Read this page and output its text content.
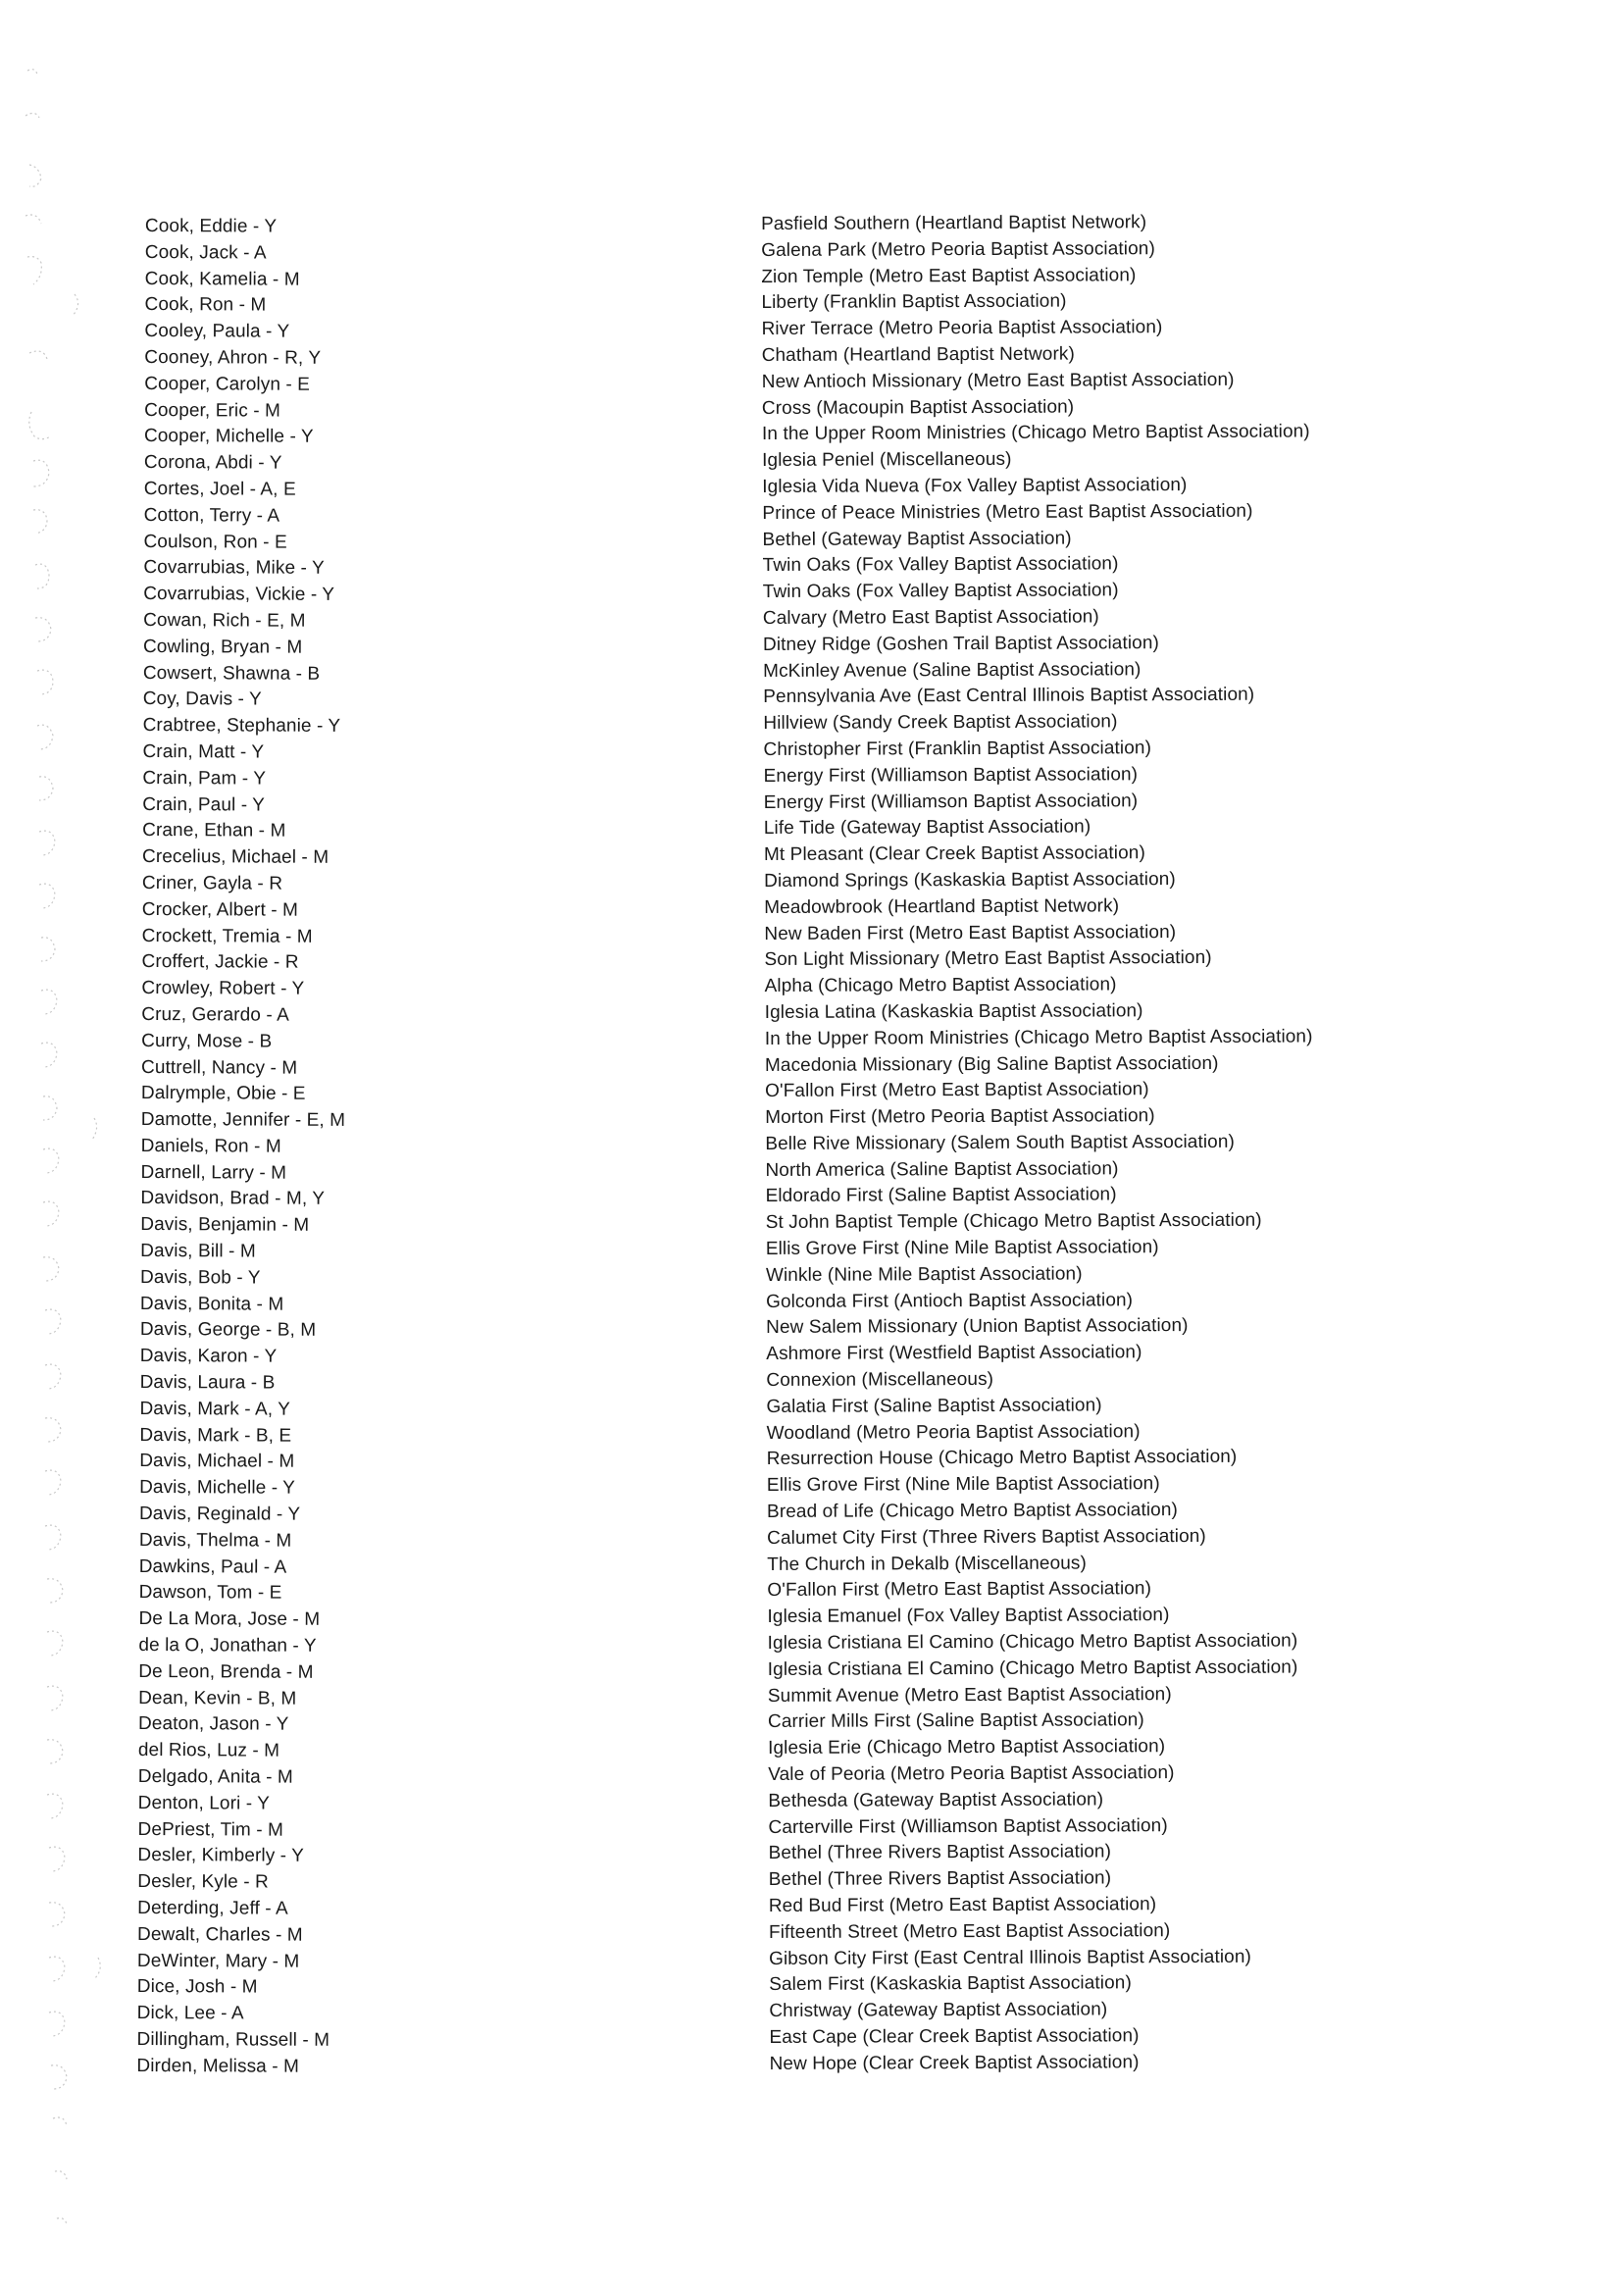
Cook, Eddie - Y
Cook, Jack - A
Cook, Kamelia - M
Cook, Ron - M
Cooley, Paula - Y
Cooney, Ahron - R, Y
Cooper, Carolyn - E
Cooper, Eric - M
Cooper, Michelle - Y
Corona, Abdi - Y
Cortes, Joel - A, E
Cotton, Terry - A
Coulson, Ron - E
Covarrubias, Mike - Y
Covarrubias, Vickie - Y
Cowan, Rich - E, M
Cowling, Bryan - M
Cowsert, Shawna - B
Coy, Davis - Y
Crabtree, Stephanie - Y
Crain, Matt - Y
Crain, Pam - Y
Crain, Paul - Y
Crane, Ethan - M
Crecelius, Michael - M
Criner, Gayla - R
Crocker, Albert - M
Crockett, Tremia - M
Croffert, Jackie - R
Crowley, Robert - Y
Cruz, Gerardo - A
Curry, Mose - B
Cuttrell, Nancy - M
Dalrymple, Obie - E
Damotte, Jennifer - E, M
Daniels, Ron - M
Darnell, Larry - M
Davidson, Brad - M, Y
Davis, Benjamin - M
Davis, Bill - M
Davis, Bob - Y
Davis, Bonita - M
Davis, George - B, M
Davis, Karon - Y
Davis, Laura - B
Davis, Mark - A, Y
Davis, Mark - B, E
Davis, Michael - M
Davis, Michelle - Y
Davis, Reginald - Y
Davis, Thelma - M
Dawkins, Paul - A
Dawson, Tom - E
De La Mora, Jose - M
de la O, Jonathan - Y
De Leon, Brenda - M
Dean, Kevin - B, M
Deaton, Jason - Y
del Rios, Luz - M
Delgado, Anita - M
Denton, Lori - Y
DePriest, Tim - M
Desler, Kimberly - Y
Desler, Kyle - R
Deterding, Jeff - A
Dewalt, Charles - M
DeWinter, Mary - M
Dice, Josh - M
Dick, Lee - A
Dillingham, Russell - M
Dirden, Melissa - M
Pasfield Southern (Heartland Baptist Network)
Galena Park (Metro Peoria Baptist Association)
Zion Temple (Metro East Baptist Association)
Liberty (Franklin Baptist Association)
River Terrace (Metro Peoria Baptist Association)
Chatham (Heartland Baptist Network)
New Antioch Missionary (Metro East Baptist Association)
Cross (Macoupin Baptist Association)
In the Upper Room Ministries (Chicago Metro Baptist Association)
Iglesia Peniel (Miscellaneous)
Iglesia Vida Nueva (Fox Valley Baptist Association)
Prince of Peace Ministries (Metro East Baptist Association)
Bethel (Gateway Baptist Association)
Twin Oaks (Fox Valley Baptist Association)
Twin Oaks (Fox Valley Baptist Association)
Calvary (Metro East Baptist Association)
Ditney Ridge (Goshen Trail Baptist Association)
McKinley Avenue (Saline Baptist Association)
Pennsylvania Ave (East Central Illinois Baptist Association)
Hillview (Sandy Creek Baptist Association)
Christopher First (Franklin Baptist Association)
Energy First (Williamson Baptist Association)
Energy First (Williamson Baptist Association)
Life Tide (Gateway Baptist Association)
Mt Pleasant (Clear Creek Baptist Association)
Diamond Springs (Kaskaskia Baptist Association)
Meadowbrook (Heartland Baptist Network)
New Baden First (Metro East Baptist Association)
Son Light Missionary (Metro East Baptist Association)
Alpha (Chicago Metro Baptist Association)
Iglesia Latina (Kaskaskia Baptist Association)
In the Upper Room Ministries (Chicago Metro Baptist Association)
Macedonia Missionary (Big Saline Baptist Association)
O'Fallon First (Metro East Baptist Association)
Morton First (Metro Peoria Baptist Association)
Belle Rive Missionary (Salem South Baptist Association)
North America (Saline Baptist Association)
Eldorado First (Saline Baptist Association)
St John Baptist Temple (Chicago Metro Baptist Association)
Ellis Grove First (Nine Mile Baptist Association)
Winkle (Nine Mile Baptist Association)
Golconda First (Antioch Baptist Association)
New Salem Missionary (Union Baptist Association)
Ashmore First (Westfield Baptist Association)
Connexion (Miscellaneous)
Galatia First (Saline Baptist Association)
Woodland (Metro Peoria Baptist Association)
Resurrection House (Chicago Metro Baptist Association)
Ellis Grove First (Nine Mile Baptist Association)
Bread of Life (Chicago Metro Baptist Association)
Calumet City First (Three Rivers Baptist Association)
The Church in Dekalb (Miscellaneous)
O'Fallon First (Metro East Baptist Association)
Iglesia Emanuel (Fox Valley Baptist Association)
Iglesia Cristiana El Camino (Chicago Metro Baptist Association)
Iglesia Cristiana El Camino (Chicago Metro Baptist Association)
Summit Avenue (Metro East Baptist Association)
Carrier Mills First (Saline Baptist Association)
Iglesia Erie (Chicago Metro Baptist Association)
Vale of Peoria (Metro Peoria Baptist Association)
Bethesda (Gateway Baptist Association)
Carterville First (Williamson Baptist Association)
Bethel (Three Rivers Baptist Association)
Bethel (Three Rivers Baptist Association)
Red Bud First (Metro East Baptist Association)
Fifteenth Street (Metro East Baptist Association)
Gibson City First (East Central Illinois Baptist Association)
Salem First (Kaskaskia Baptist Association)
Christway (Gateway Baptist Association)
East Cape (Clear Creek Baptist Association)
New Hope (Clear Creek Baptist Association)
